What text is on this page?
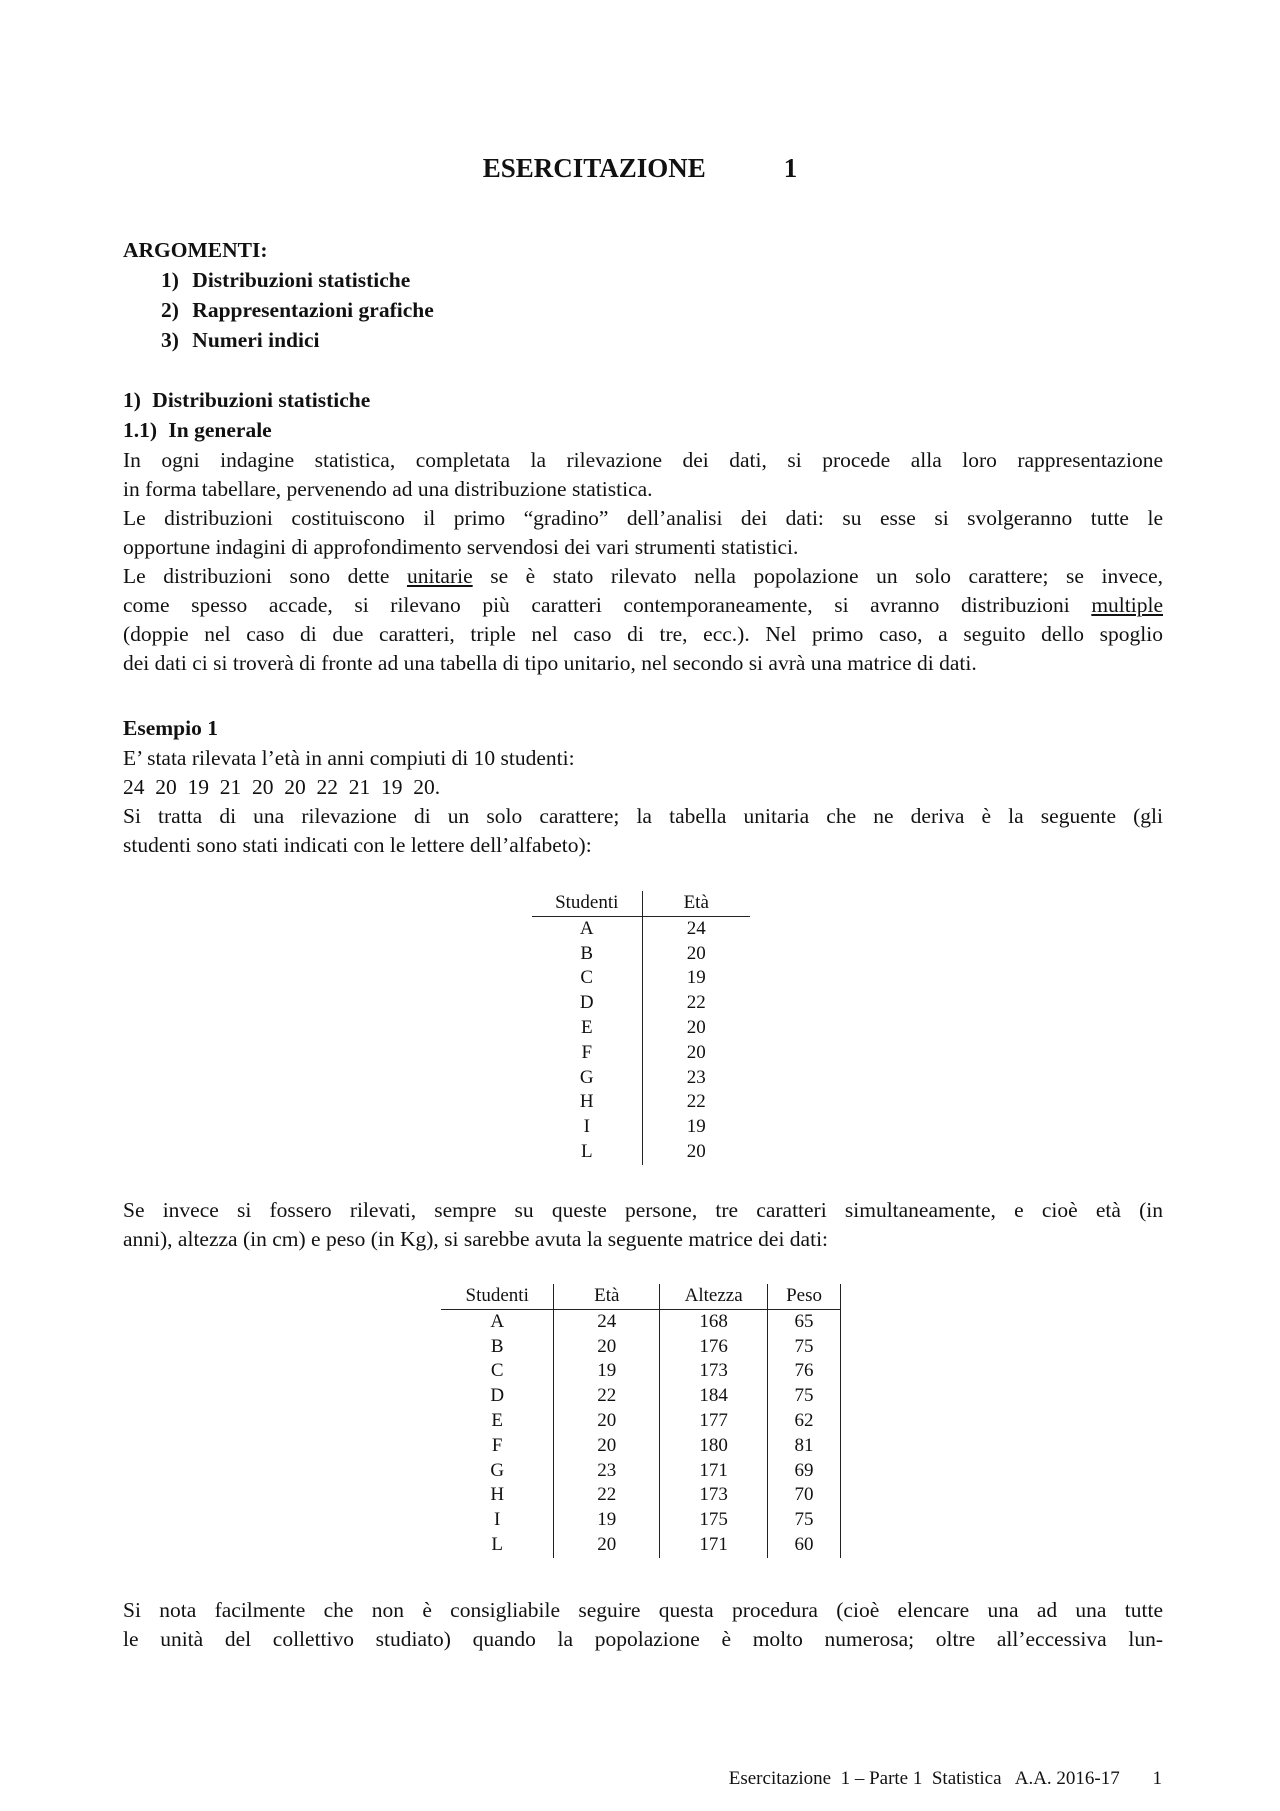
ESERCITAZIONE	1
ARGOMENTI:
1) Distribuzioni statistiche
2) Rappresentazioni grafiche
3) Numeri indici
1) Distribuzioni statistiche
1.1) In generale
In ogni indagine statistica, completata la rilevazione dei dati, si procede alla loro rappresentazione
in forma tabellare, pervenendo ad una distribuzione statistica.
Le distribuzioni costituiscono il primo “gradino” dell’analisi dei dati: su esse si svolgeranno tutte le
opportune indagini di approfondimento servendosi dei vari strumenti statistici.
Le distribuzioni sono dette unitarie se è stato rilevato nella popolazione un solo carattere; se invece,
come spesso accade, si rilevano più caratteri contemporaneamente, si avranno distribuzioni multiple
(doppie nel caso di due caratteri, triple nel caso di tre, ecc.). Nel primo caso, a seguito dello spoglio
dei dati ci si troverà di fronte ad una tabella di tipo unitario, nel secondo si avrà una matrice di dati.
Esempio 1
E’ stata rilevata l’età in anni compiuti di 10 studenti:
24  20  19  21  20  20  22  21  19  20.
Si tratta di una rilevazione di un solo carattere; la tabella unitaria che ne deriva è la seguente (gli
studenti sono stati indicati con le lettere dell’alfabeto):
Studenti	Età
A	24
B	20
C	19
D	22
E	20
F	20
G	23
H	22
I	19
L	20
Se invece si fossero rilevati, sempre su queste persone, tre caratteri simultaneamente, e cioè età (in
anni), altezza (in cm) e peso (in Kg), si sarebbe avuta la seguente matrice dei dati:
Studenti	Età	Altezza	Peso
A	24	168	65
B	20	176	75
C	19	173	76
D	22	184	75
E	20	177	62
F	20	180	81
G	23	171	69
H	22	173	70
I	19	175	75
L	20	171	60
Si nota facilmente che non è consigliabile seguire questa procedura (cioè elencare una ad una tutte
le unità del collettivo studiato) quando la popolazione è molto numerosa; oltre all’eccessiva lun-
Esercitazione  1 – Parte 1  Statistica   A.A. 2016-17 1
